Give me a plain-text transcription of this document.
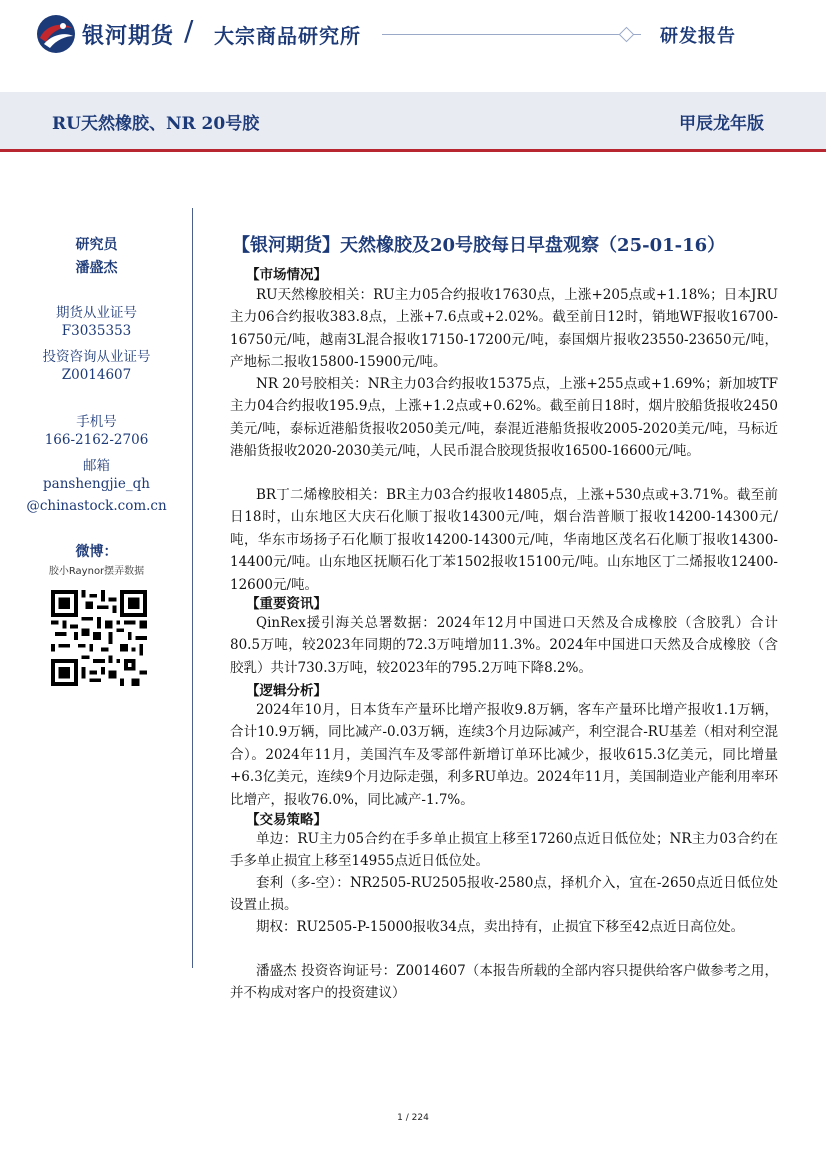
银河期货 / 大宗商品研究所	研发报告
RU天然橡胶、NR 20号胶	甲辰龙年版
研究员
潘盛杰
期货从业证号
F3035353
投资咨询从业证号
Z0014607
手机号
166-2162-2706
邮箱
panshengjie_qh
@chinastock.com.cn
微博：
胶小Raynor摆弄数据
【银河期货】天然橡胶及20号胶每日早盘观察（25-01-16）
【市场情况】

RU天然橡胶相关：RU主力05合约报收17630点，上涨+205点或+1.18%；日本JRU主力06合约报收383.8点，上涨+7.6点或+2.02%。截至前日12时，销地WF报收16700-16750元/吨，越南3L混合报收17150-17200元/吨，泰国烟片报收23550-23650元/吨，产地标二报收15800-15900元/吨。

NR 20号胶相关：NR主力03合约报收15375点，上涨+255点或+1.69%；新加坡TF主力04合约报收195.9点，上涨+1.2点或+0.62%。截至前日18时，烟片胶船货报收2450美元/吨，泰标近港船货报收2050美元/吨，泰混近港船货报收2005-2020美元/吨，马标近港船货报收2020-2030美元/吨，人民币混合胶现货报收16500-16600元/吨。

BR丁二烯橡胶相关：BR主力03合约报收14805点，上涨+530点或+3.71%。截至前日18时，山东地区大庆石化顺丁报收14300元/吨，烟台浩普顺丁报收14200-14300元/吨，华东市场扬子石化顺丁报收14200-14300元/吨，华南地区茂名石化顺丁报收14300-14400元/吨。山东地区抚顺石化丁苯1502报收15100元/吨。山东地区丁二烯报收12400-12600元/吨。

【重要资讯】

QinRex援引海关总署数据：2024年12月中国进口天然及合成橡胶（含胶乳）合计80.5万吨，较2023年同期的72.3万吨增加11.3%。2024年中国进口天然及合成橡胶（含胶乳）共计730.3万吨，较2023年的795.2万吨下降8.2%。

【逻辑分析】

2024年10月，日本货车产量环比增产报收9.8万辆，客车产量环比增产报收1.1万辆，合计10.9万辆，同比减产-0.03万辆，连续3个月边际减产，利空混合-RU基差（相对利空混合）。2024年11月，美国汽车及零部件新增订单环比减少，报收615.3亿美元，同比增量+6.3亿美元，连续9个月边际走强，利多RU单边。2024年11月，美国制造业产能利用率环比增产，报收76.0%，同比减产-1.7%。

【交易策略】

单边：RU主力05合约在手多单止损宜上移至17260点近日低位处；NR主力03合约在手多单止损宜上移至14955点近日低位处。

套利（多-空）：NR2505-RU2505报收-2580点，择机介入，宜在-2650点近日低位处设置止损。

期权：RU2505-P-15000报收34点，卖出持有，止损宜下移至42点近日高位处。

潘盛杰 投资咨询证号：Z0014607（本报告所载的全部内容只提供给客户做参考之用，并不构成对客户的投资建议）

1 / 224
